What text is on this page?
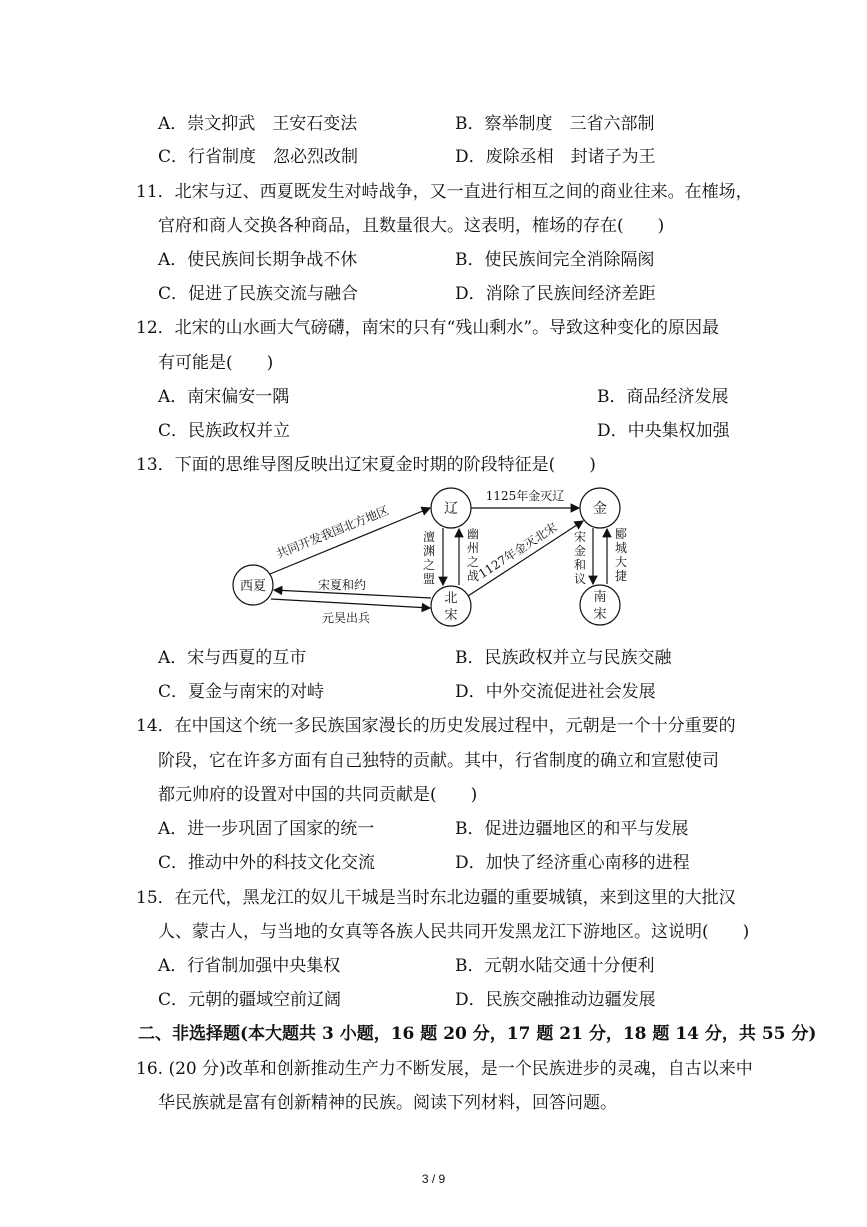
A．崇文抑武　王安石变法	B．察举制度　三省六部制
C．行省制度　忽必烈改制	D．废除丞相　封诸子为王
11．北宋与辽、西夏既发生对峙战争，又一直进行相互之间的商业往来。在榷场，
官府和商人交换各种商品，且数量很大。这表明，榷场的存在(　　)
A．使民族间长期争战不休	B．使民族间完全消除隔阂
C．促进了民族交流与融合	D．消除了民族间经济差距
12．北宋的山水画大气磅礴，南宋的只有“残山剩水”。导致这种变化的原因最
有可能是(　　)
A．南宋偏安一隅	B．商品经济发展
C．民族政权并立	D．中央集权加强
13．下面的思维导图反映出辽宋夏金时期的阶段特征是(　　)
辽	金
西夏
北
宋
南
宋
1125年金灭辽
共同开发我国北方地区
宋夏和约
元昊出兵
1127年金灭北宋
澶
渊
之
盟
幽
州
之
战
宋
金
和
议
郾
城
大
捷
A．宋与西夏的互市	B．民族政权并立与民族交融
C．夏金与南宋的对峙	D．中外交流促进社会发展
14．在中国这个统一多民族国家漫长的历史发展过程中，元朝是一个十分重要的
阶段，它在许多方面有自己独特的贡献。其中，行省制度的确立和宣慰使司
都元帅府的设置对中国的共同贡献是(　　)
A．进一步巩固了国家的统一	B．促进边疆地区的和平与发展
C．推动中外的科技文化交流	D．加快了经济重心南移的进程
15．在元代，黑龙江的奴儿干城是当时东北边疆的重要城镇，来到这里的大批汉
人、蒙古人，与当地的女真等各族人民共同开发黑龙江下游地区。这说明(　　)
A．行省制加强中央集权	B．元朝水陆交通十分便利
C．元朝的疆域空前辽阔	D．民族交融推动边疆发展
二、非选择题(本大题共 3 小题，16 题 20 分，17 题 21 分，18 题 14 分，共 55 分)
16. (20 分)改革和创新推动生产力不断发展，是一个民族进步的灵魂，自古以来中
华民族就是富有创新精神的民族。阅读下列材料，回答问题。
3 / 9
